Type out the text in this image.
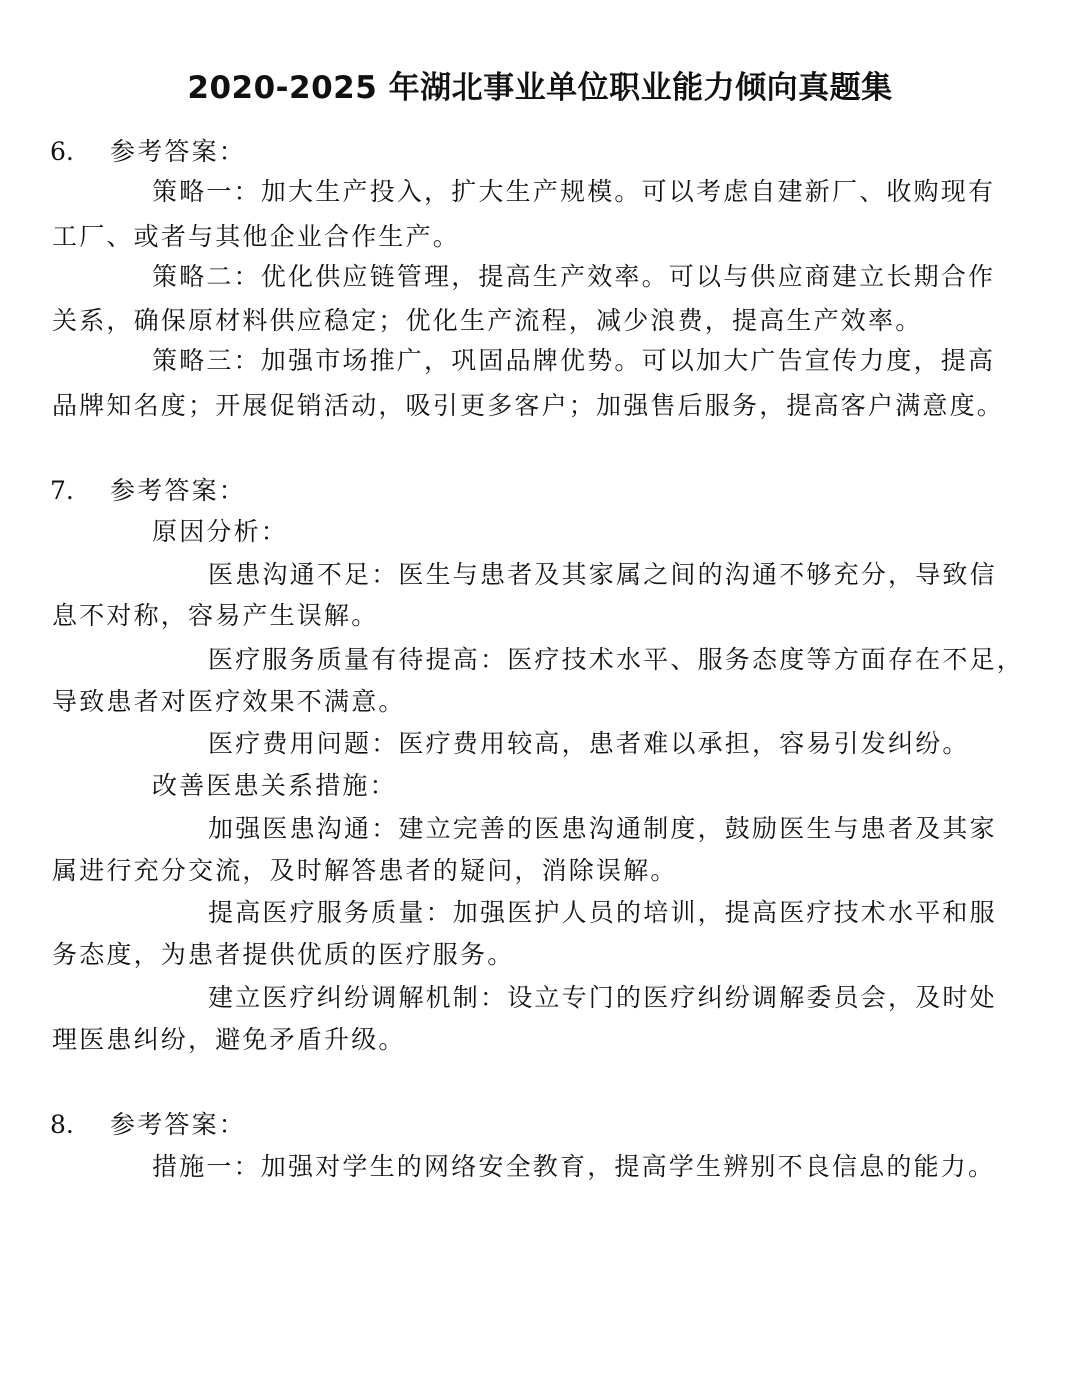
2020-2025 年湖北事业单位职业能力倾向真题集
6. 参考答案：
策略一：加大生产投入，扩大生产规模。可以考虑自建新厂、收购现有
工厂、或者与其他企业合作生产。
策略二：优化供应链管理，提高生产效率。可以与供应商建立长期合作
关系，确保原材料供应稳定；优化生产流程，减少浪费，提高生产效率。
策略三：加强市场推广，巩固品牌优势。可以加大广告宣传力度，提高
品牌知名度；开展促销活动，吸引更多客户；加强售后服务，提高客户满意度。
7. 参考答案：
原因分析：
医患沟通不足：医生与患者及其家属之间的沟通不够充分，导致信
息不对称，容易产生误解。
医疗服务质量有待提高：医疗技术水平、服务态度等方面存在不足，
导致患者对医疗效果不满意。
医疗费用问题：医疗费用较高，患者难以承担，容易引发纠纷。
改善医患关系措施：
加强医患沟通：建立完善的医患沟通制度，鼓励医生与患者及其家
属进行充分交流，及时解答患者的疑问，消除误解。
提高医疗服务质量：加强医护人员的培训，提高医疗技术水平和服
务态度，为患者提供优质的医疗服务。
建立医疗纠纷调解机制：设立专门的医疗纠纷调解委员会，及时处
理医患纠纷，避免矛盾升级。
8. 参考答案：
措施一：加强对学生的网络安全教育，提高学生辨别不良信息的能力。
